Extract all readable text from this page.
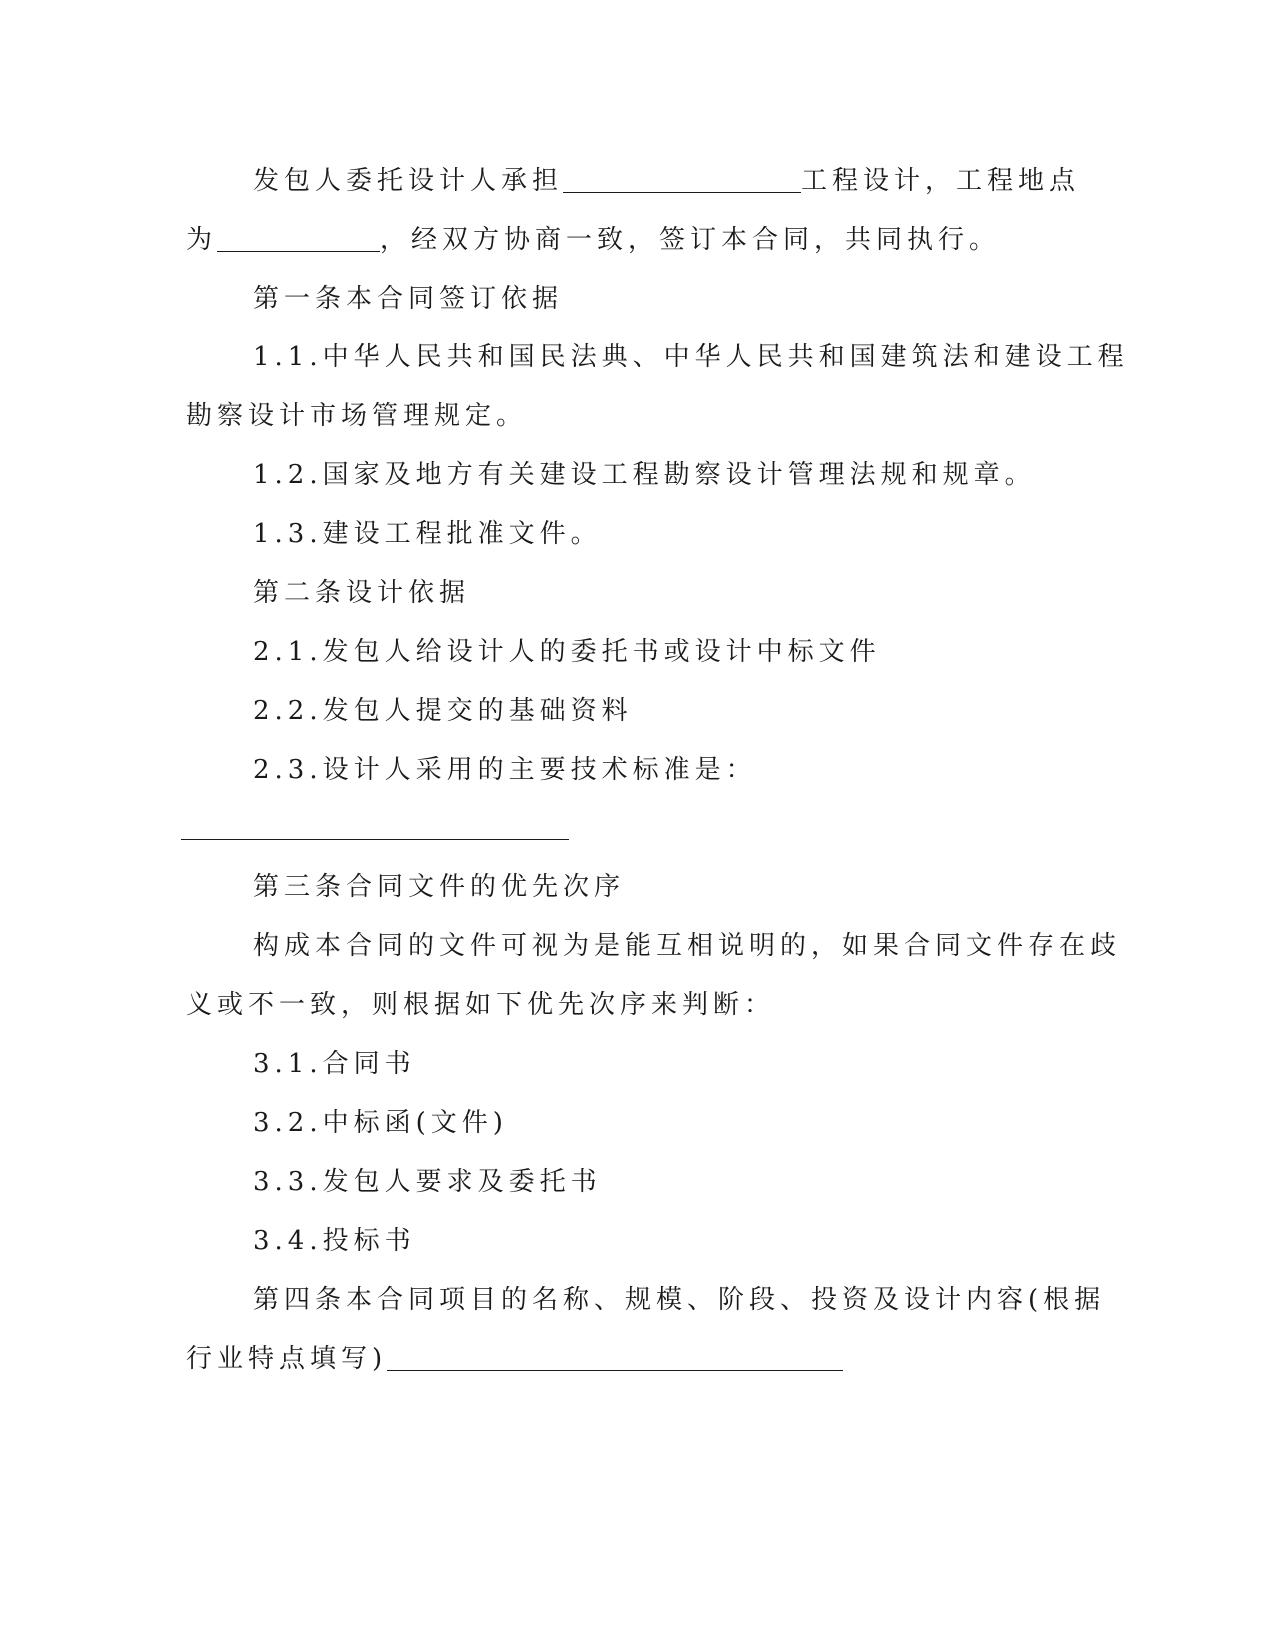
发包人委托设计人承担	工程设计，工程地点
为	，经双方协商一致，签订本合同，共同执行。
第一条本合同签订依据
1.1.中华人民共和国民法典、中华人民共和国建筑法和建设工程
勘察设计市场管理规定。
1.2.国家及地方有关建设工程勘察设计管理法规和规章。
1.3.建设工程批准文件。
第二条设计依据
2.1.发包人给设计人的委托书或设计中标文件
2.2.发包人提交的基础资料
2.3.设计人采用的主要技术标准是：
第三条合同文件的优先次序
构成本合同的文件可视为是能互相说明的，如果合同文件存在歧
义或不一致，则根据如下优先次序来判断：
3.1.合同书
3.2.中标函(文件)
3.3.发包人要求及委托书
3.4.投标书
第四条本合同项目的名称、规模、阶段、投资及设计内容(根据
行业特点填写)
